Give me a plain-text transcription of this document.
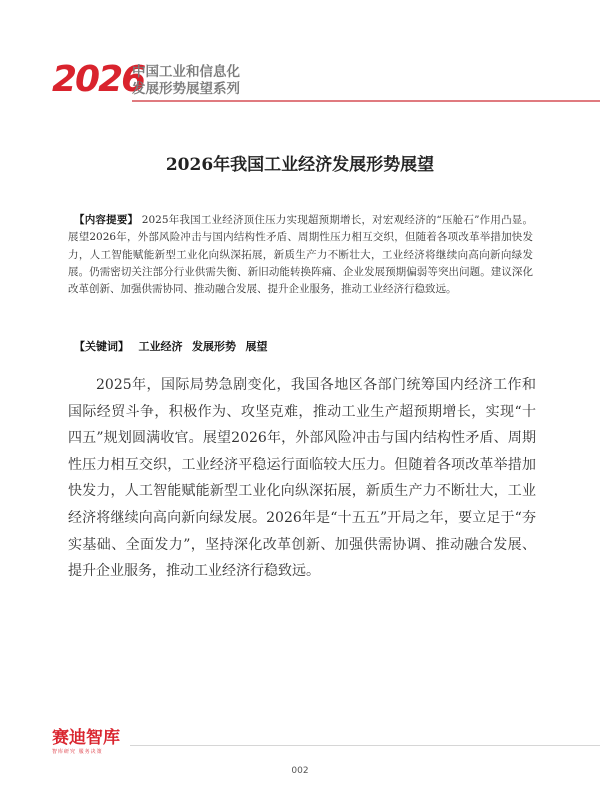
2026
中国工业和信息化
发展形势展望系列
2026年我国工业经济发展形势展望
【内容提要】 2025年我国工业经济顶住压力实现超预期增长，对宏观经济的“压舱石”作用凸显。展望2026年，外部风险冲击与国内结构性矛盾、周期性压力相互交织，但随着各项改革举措加快发力，人工智能赋能新型工业化向纵深拓展，新质生产力不断壮大，工业经济将继续向高向新向绿发展。仍需密切关注部分行业供需失衡、新旧动能转换阵痛、企业发展预期偏弱等突出问题。建议深化改革创新、加强供需协同、推动融合发展、提升企业服务，推动工业经济行稳致远。
【关键词】 工业经济 发展形势 展望
2025年，国际局势急剧变化，我国各地区各部门统筹国内经济工作和国际经贸斗争，积极作为、攻坚克难，推动工业生产超预期增长，实现“十四五”规划圆满收官。展望2026年，外部风险冲击与国内结构性矛盾、周期性压力相互交织，工业经济平稳运行面临较大压力。但随着各项改革举措加快发力，人工智能赋能新型工业化向纵深拓展，新质生产力不断壮大，工业经济将继续向高向新向绿发展。2026年是“十五五”开局之年，要立足于“夯实基础、全面发力”，坚持深化改革创新、加强供需协调、推动融合发展、提升企业服务，推动工业经济行稳致远。
赛迪智库
智库研究 服务决策
002
